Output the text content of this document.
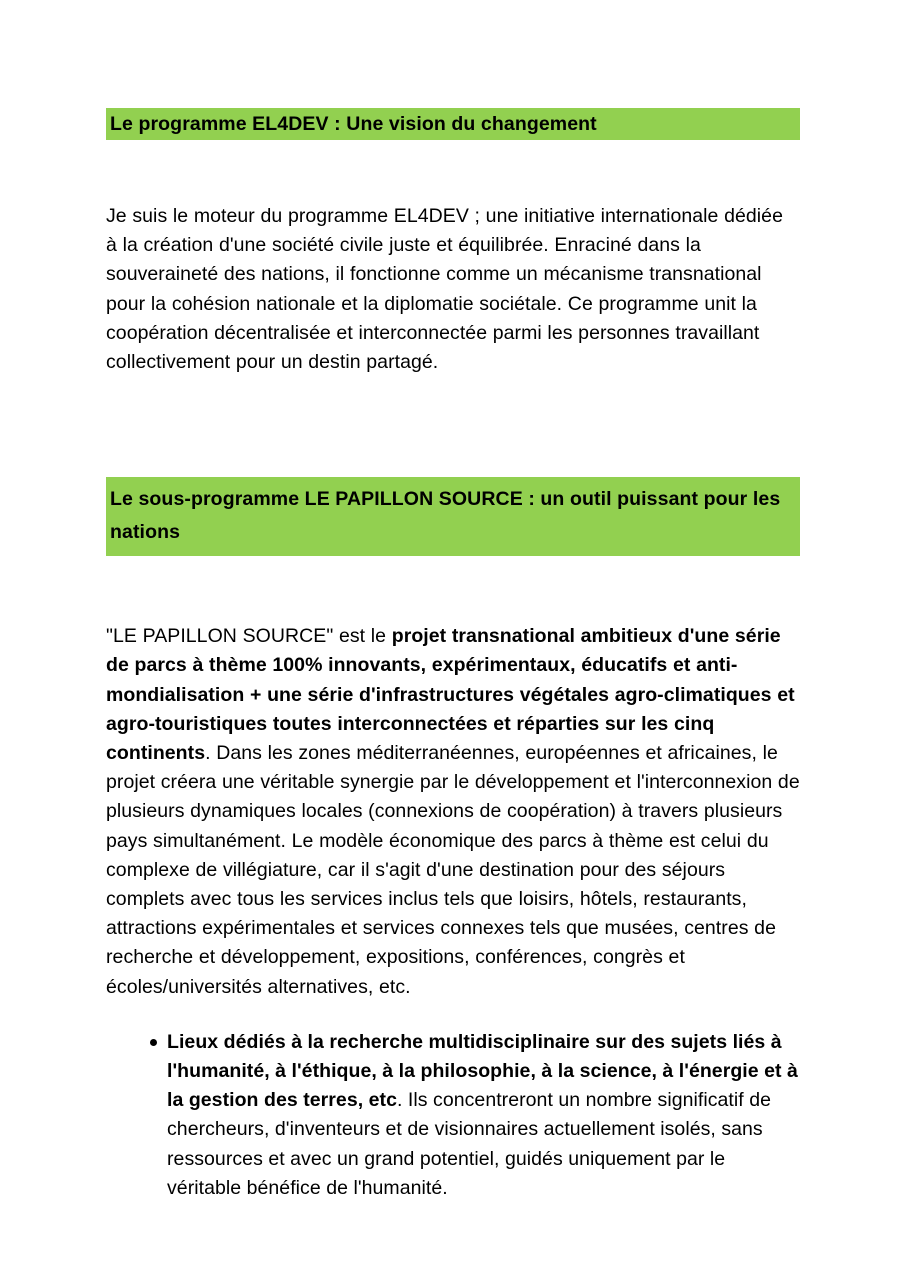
Le programme EL4DEV : Une vision du changement

Je suis le moteur du programme EL4DEV ; une initiative internationale dédiée à la création d'une société civile juste et équilibrée. Enraciné dans la souveraineté des nations, il fonctionne comme un mécanisme transnational pour la cohésion nationale et la diplomatie sociétale. Ce programme unit la coopération décentralisée et interconnectée parmi les personnes travaillant collectivement pour un destin partagé.

Le sous-programme LE PAPILLON SOURCE : un outil puissant pour les nations

"LE PAPILLON SOURCE" est le projet transnational ambitieux d'une série de parcs à thème 100% innovants, expérimentaux, éducatifs et anti-mondialisation + une série d'infrastructures végétales agro-climatiques et agro-touristiques toutes interconnectées et réparties sur les cinq continents. Dans les zones méditerranéennes, européennes et africaines, le projet créera une véritable synergie par le développement et l'interconnexion de plusieurs dynamiques locales (connexions de coopération) à travers plusieurs pays simultanément. Le modèle économique des parcs à thème est celui du complexe de villégiature, car il s'agit d'une destination pour des séjours complets avec tous les services inclus tels que loisirs, hôtels, restaurants, attractions expérimentales et services connexes tels que musées, centres de recherche et développement, expositions, conférences, congrès et écoles/universités alternatives, etc.

Lieux dédiés à la recherche multidisciplinaire sur des sujets liés à l'humanité, à l'éthique, à la philosophie, à la science, à l'énergie et à la gestion des terres, etc. Ils concentreront un nombre significatif de chercheurs, d'inventeurs et de visionnaires actuellement isolés, sans ressources et avec un grand potentiel, guidés uniquement par le véritable bénéfice de l'humanité.
